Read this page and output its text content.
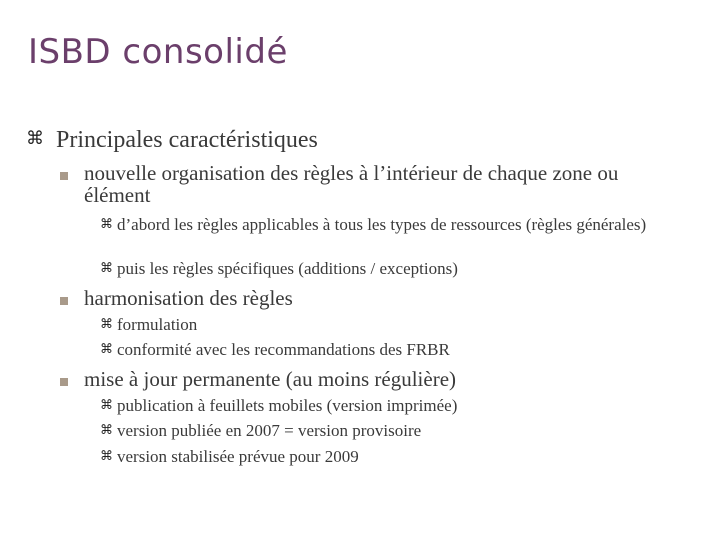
ISBD consolidé
⌘ Principales caractéristiques
nouvelle organisation des règles à l’intérieur de chaque zone ou élément
⌘ d’abord les règles applicables à tous les types de ressources (règles générales)
⌘ puis les règles spécifiques (additions / exceptions)
harmonisation des règles
⌘ formulation
⌘ conformité avec les recommandations des FRBR
mise à jour permanente (au moins régulière)
⌘ publication à feuillets mobiles (version imprimée)
⌘ version publiée en 2007 = version provisoire
⌘ version stabilisée prévue pour 2009
